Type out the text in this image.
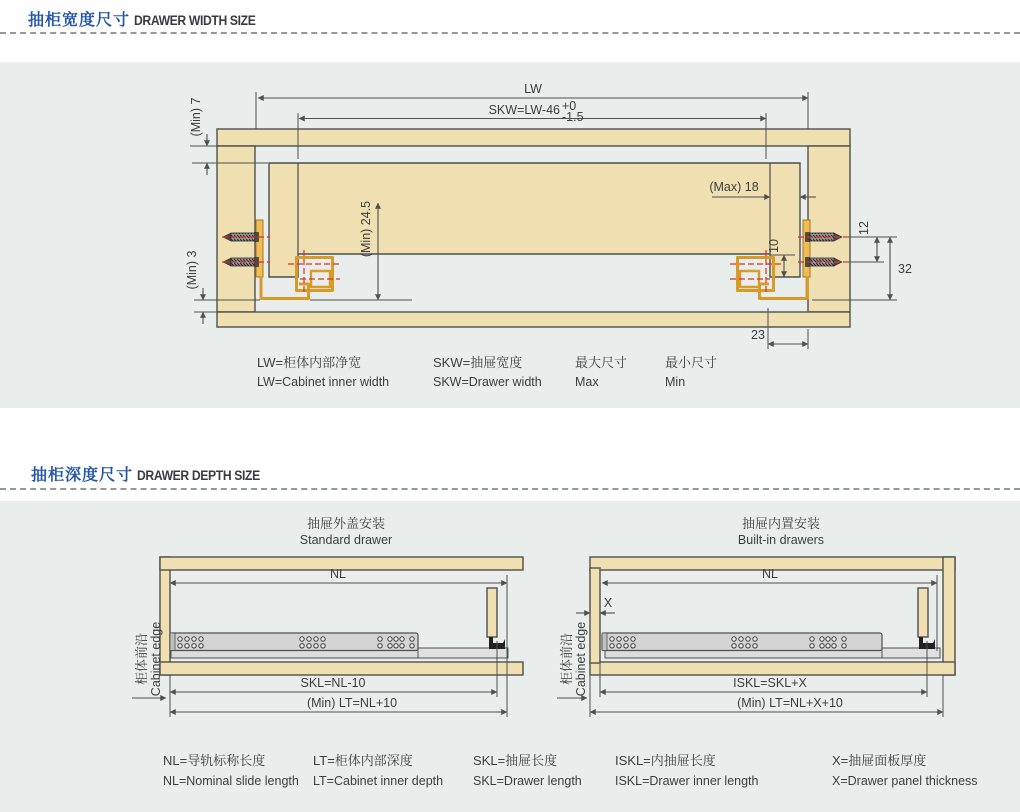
抽柜宽度尺寸 DRAWER WIDTH SIZE
LW
SKW=LW-46 +0
-1.5
(Min) 7
(Min) 3
(Min) 24.5
(Max) 18
10
12
32
23
LW=柜体内部净宽
LW=Cabinet inner width
SKW=抽屉宽度
SKW=Drawer width
最大尺寸
Max
最小尺寸
Min
抽柜深度尺寸 DRAWER DEPTH SIZE
抽屉外盖安装
Standard drawer
NL
SKL=NL-10
(Min) LT=NL+10
柜体前沿 Cabinet edge
抽屉内置安装
Built-in drawers
NL
X
ISKL=SKL+X
(Min) LT=NL+X+10
柜体前沿 Cabinet edge
NL=导轨标称长度
NL=Nominal slide length
LT=柜体内部深度
LT=Cabinet inner depth
SKL=抽屉长度
SKL=Drawer length
ISKL=内抽屉长度
ISKL=Drawer inner length
X=抽屉面板厚度
X=Drawer panel thickness
